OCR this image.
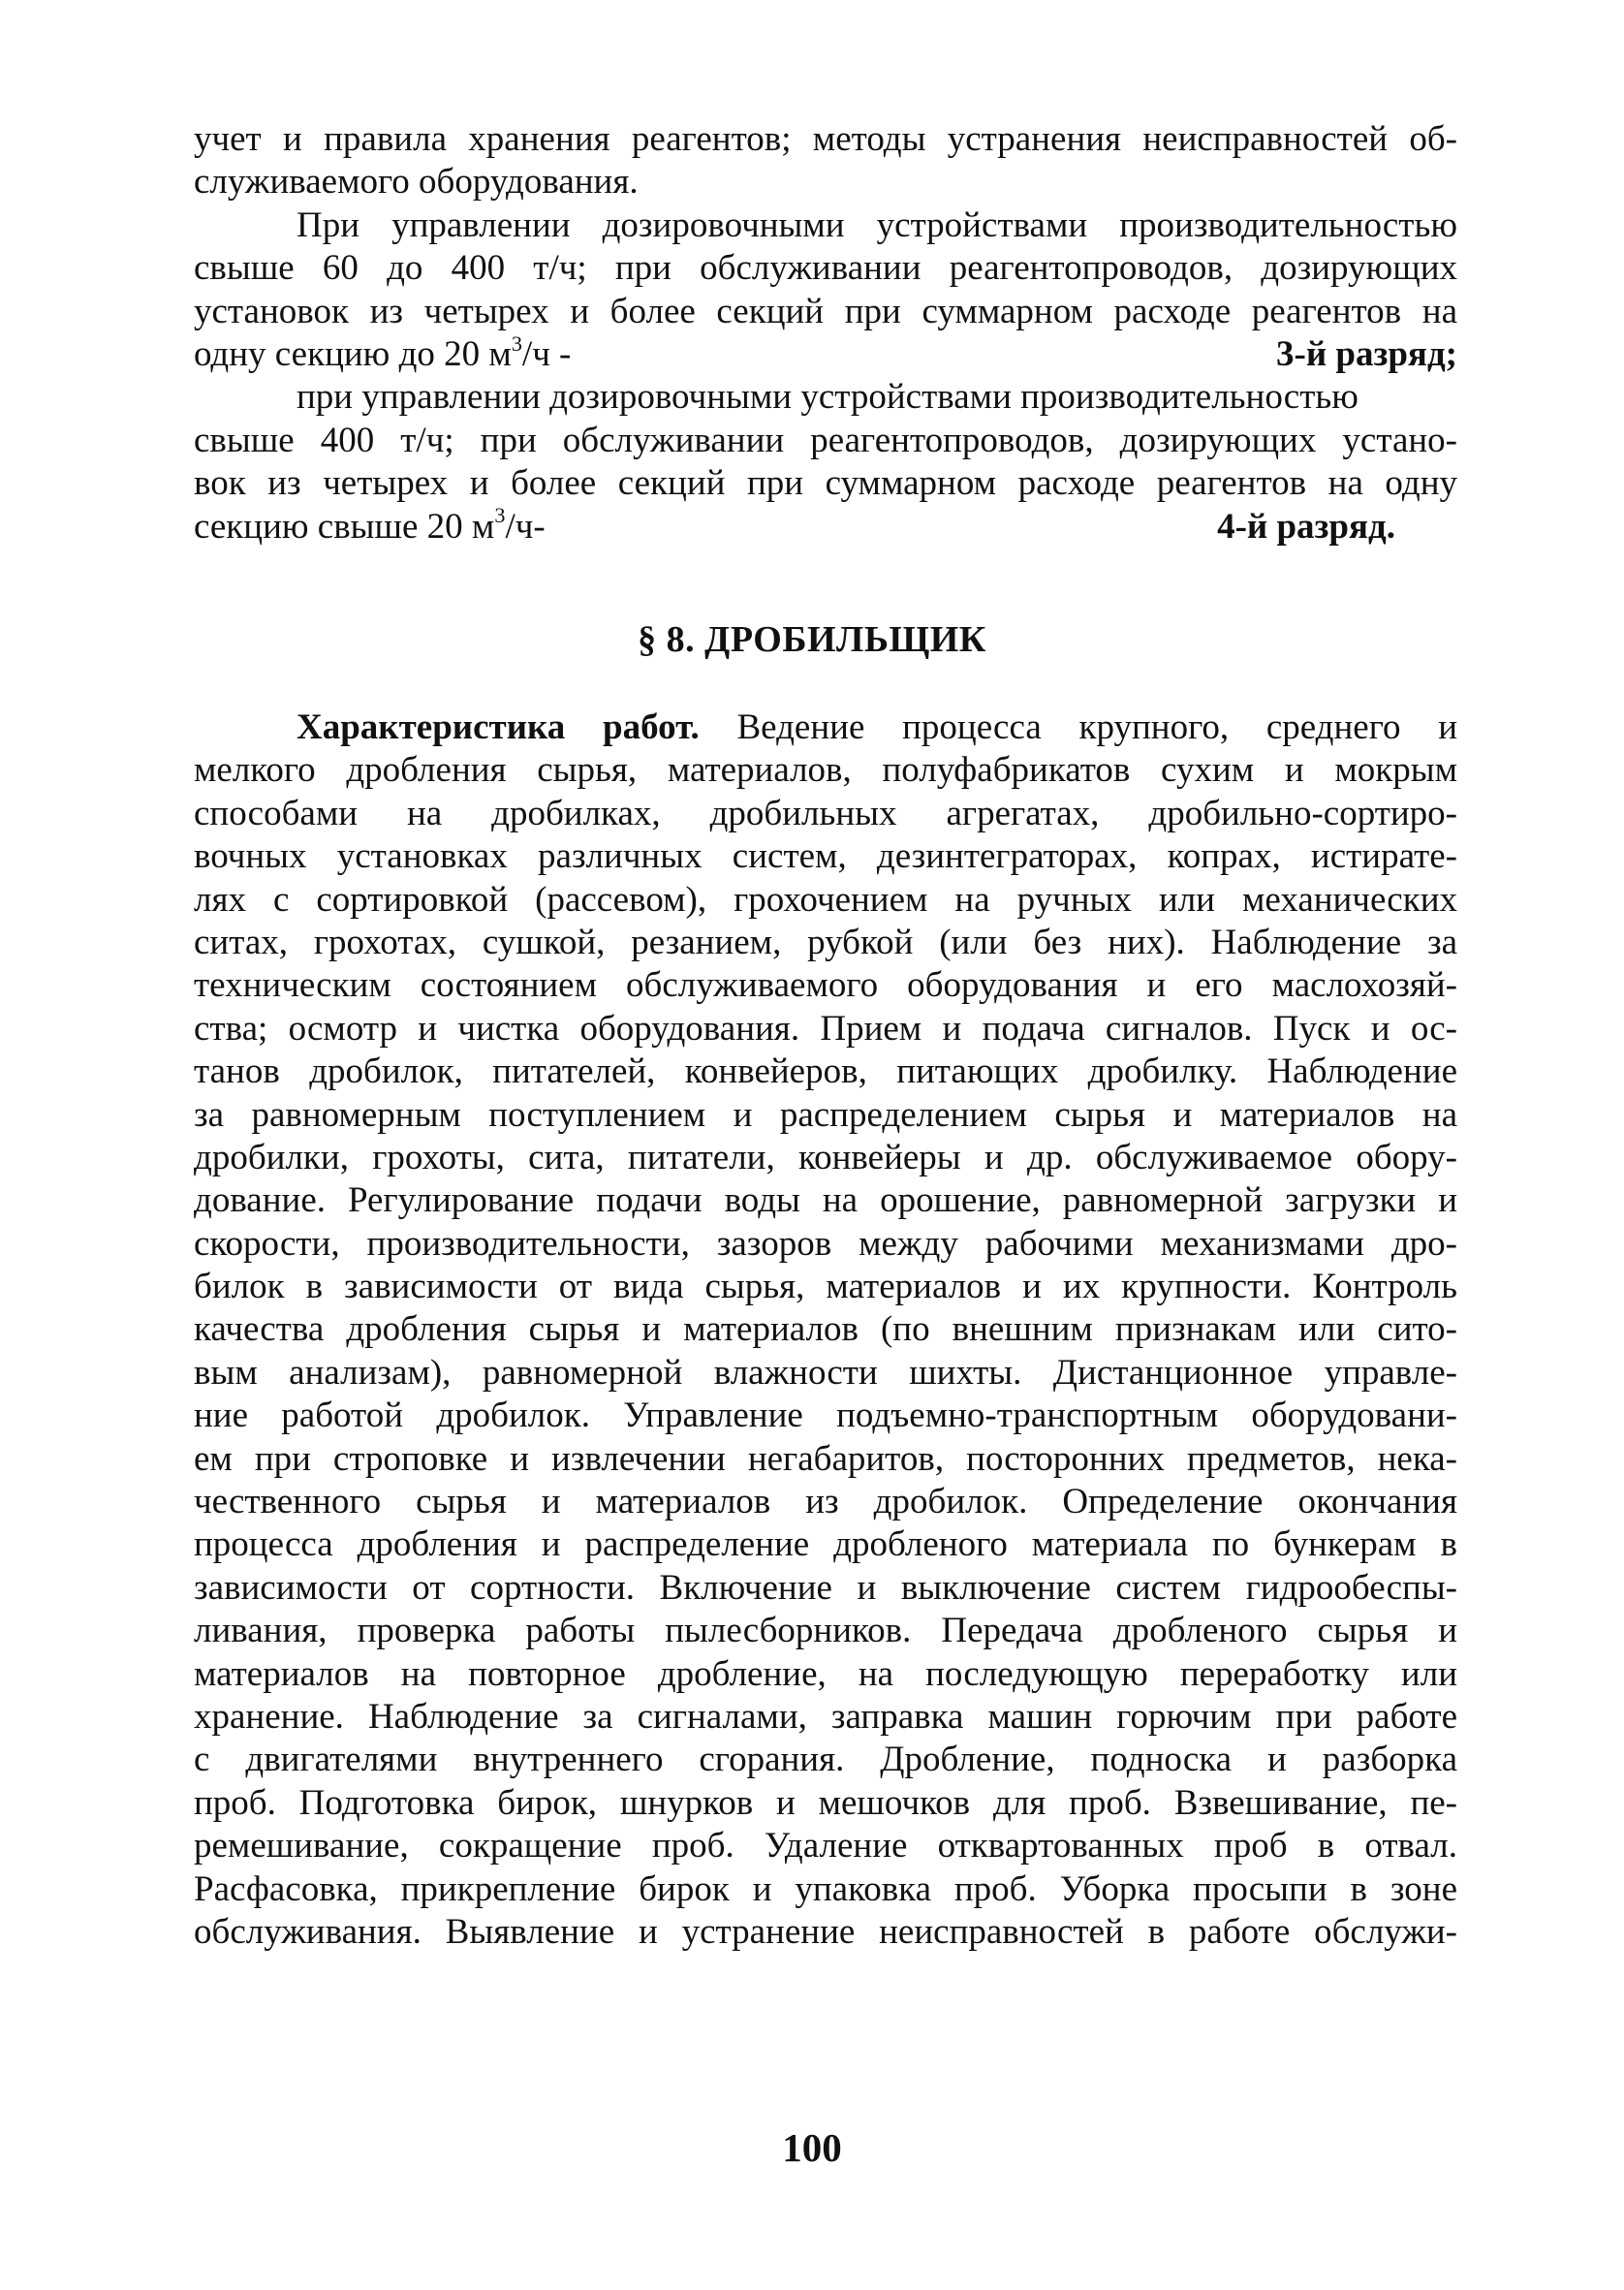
учет и правила хранения реагентов; методы устранения неисправностей об-
служиваемого оборудования.
При управлении дозировочными устройствами производительностью
свыше 60 до 400 т/ч; при обслуживании реагентопроводов, дозирующих
установок из четырех и более секций при суммарном расходе реагентов на
одну секцию до 20 $м^3/ч$ -	3-й разряд;
при управлении дозировочными устройствами производительностью
свыше 400 т/ч; при обслуживании реагентопроводов, дозирующих устано-
вок из четырех и более секций при суммарном расходе реагентов на одну
секцию свыше 20 $м^3/ч-$	4-й разряд.
§ 8. ДРОБИЛЬЩИК
Характеристика работ. Ведение процесса крупного, среднего и
мелкого дробления сырья, материалов, полуфабрикатов сухим и мокрым
способами на дробилках, дробильных агрегатах, дробильно-сортиро-
вочных установках различных систем, дезинтеграторах, копрах, истирате-
лях с сортировкой (рассевом), грохочением на ручных или механических
ситах, грохотах, сушкой, резанием, рубкой (или без них). Наблюдение за
техническим состоянием обслуживаемого оборудования и его маслохозяй-
ства; осмотр и чистка оборудования. Прием и подача сигналов. Пуск и ос-
танов дробилок, питателей, конвейеров, питающих дробилку. Наблюдение
за равномерным поступлением и распределением сырья и материалов на
дробилки, грохоты, сита, питатели, конвейеры и др. обслуживаемое обору-
дование. Регулирование подачи воды на орошение, равномерной загрузки и
скорости, производительности, зазоров между рабочими механизмами дро-
билок в зависимости от вида сырья, материалов и их крупности. Контроль
качества дробления сырья и материалов (по внешним признакам или сито-
вым анализам), равномерной влажности шихты. Дистанционное управле-
ние работой дробилок. Управление подъемно-транспортным оборудовани-
ем при строповке и извлечении негабаритов, посторонних предметов, нека-
чественного сырья и материалов из дробилок. Определение окончания
процесса дробления и распределение дробленого материала по бункерам в
зависимости от сортности. Включение и выключение систем гидрообеспы-
ливания, проверка работы пылесборников. Передача дробленого сырья и
материалов на повторное дробление, на последующую переработку или
хранение. Наблюдение за сигналами, заправка машин горючим при работе
с двигателями внутреннего сгорания. Дробление, подноска и разборка
проб. Подготовка бирок, шнурков и мешочков для проб. Взвешивание, пе-
ремешивание, сокращение проб. Удаление отквартованных проб в отвал.
Расфасовка, прикрепление бирок и упаковка проб. Уборка просыпи в зоне
обслуживания. Выявление и устранение неисправностей в работе обслужи-
100
